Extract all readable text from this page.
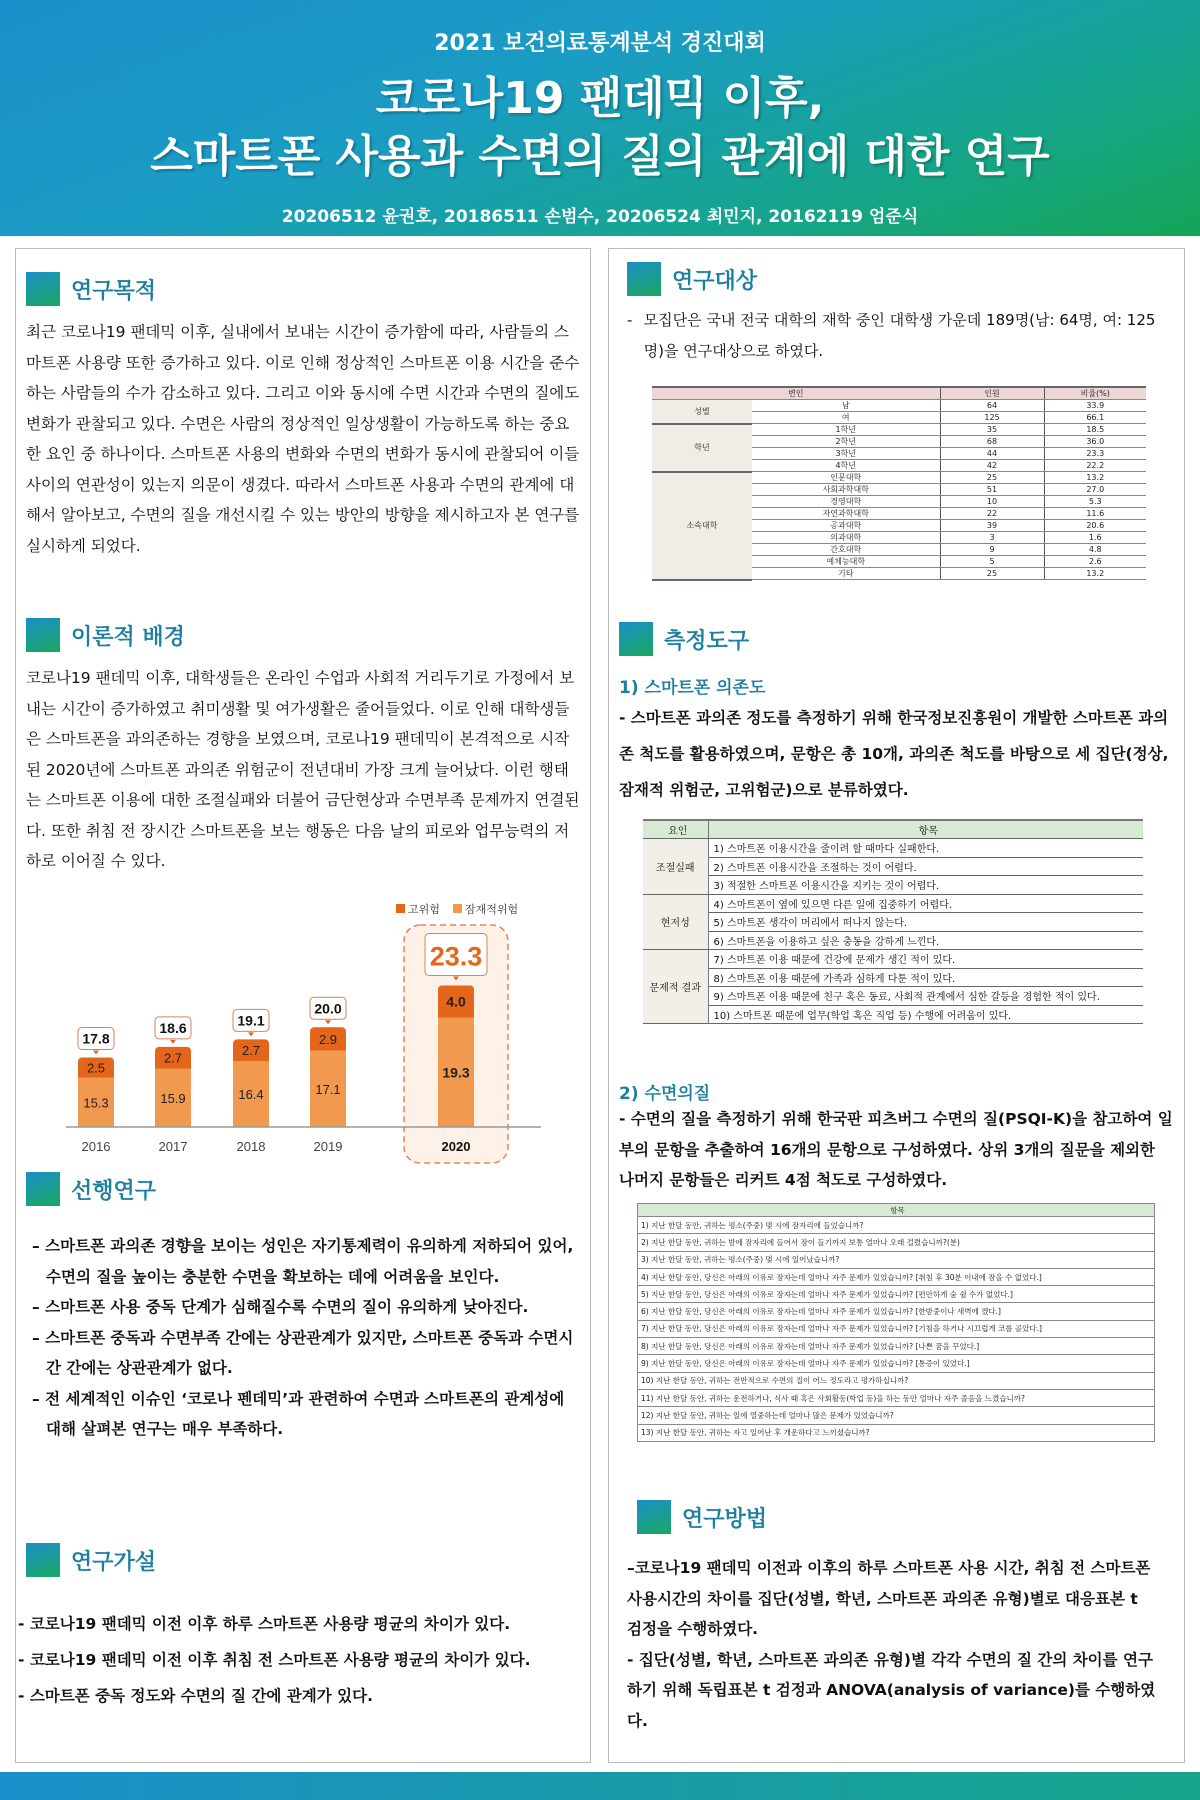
2021 보건의료통계분석 경진대회
코로나19 팬데믹 이후,
스마트폰 사용과 수면의 질의 관계에 대한 연구
20206512 윤권호, 20186511 손범수, 20206524 최민지, 20162119 엄준식
연구목적

최근 코로나19 팬데믹 이후, 실내에서 보내는 시간이 증가함에 따라, 사람들의 스마트폰 사용량 또한 증가하고 있다. 이로 인해 정상적인 스마트폰 이용 시간을 준수하는 사람들의 수가 감소하고 있다. 그리고 이와 동시에 수면 시간과 수면의 질에도 변화가 관찰되고 있다. 수면은 사람의 정상적인 일상생활이 가능하도록 하는 중요한 요인 중 하나이다. 스마트폰 사용의 변화와 수면의 변화가 동시에 관찰되어 이들 사이의 연관성이 있는지 의문이 생겼다. 따라서 스마트폰 사용과 수면의 관계에 대해서 알아보고, 수면의 질을 개선시킬 수 있는 방안의 방향을 제시하고자 본 연구를 실시하게 되었다.

이론적 배경

코로나19 팬데믹 이후, 대학생들은 온라인 수업과 사회적 거리두기로 가정에서 보내는 시간이 증가하였고 취미생활 및 여가생활은 줄어들었다. 이로 인해 대학생들은 스마트폰을 과의존하는 경향을 보였으며, 코로나19 팬데믹이 본격적으로 시작된 2020년에 스마트폰 과의존 위험군이 전년대비 가장 크게 늘어났다. 이런 행태는 스마트폰 이용에 대한 조절실패와 더불어 금단현상과 수면부족 문제까지 연결된다. 또한 취침 전 장시간 스마트폰을 보는 행동은 다음 날의 피로와 업무능력의 저하로 이어질 수 있다.

고위험 잠재적위험
2.5
15.3
17.8
2016
2.7
15.9
18.6
2017
2.7
16.4
19.1
2018
2.9
17.1
20.0
2019
4.0
19.3
23.3
2020
선행연구
– 스마트폰 과의존 경향을 보이는 성인은 자기통제력이 유의하게 저하되어 있어, 수면의 질을 높이는 충분한 수면을 확보하는 데에 어려움을 보인다.
– 스마트폰 사용 중독 단계가 심해질수록 수면의 질이 유의하게 낮아진다.
– 스마트폰 중독과 수면부족 간에는 상관관계가 있지만, 스마트폰 중독과 수면시간 간에는 상관관계가 없다.
– 전 세계적인 이슈인 ‘코로나 펜데믹’과 관련하여 수면과 스마트폰의 관계성에 대해 살펴본 연구는 매우 부족하다.
연구가설
- 코로나19 팬데믹 이전 이후 하루 스마트폰 사용량 평균의 차이가 있다.
- 코로나19 팬데믹 이전 이후 취침 전 스마트폰 사용량 평균의 차이가 있다.
- 스마트폰 중독 정도와 수면의 질 간에 관계가 있다.
연구대상
- 모집단은 국내 전국 대학의 재학 중인 대학생 가운데 189명(남: 64명, 여: 125명)을 연구대상으로 하였다.

변인		인원	비율(%)
성별	남	64	33.9
	여	125	66.1
학년	1학년	35	18.5
	2학년	68	36.0
	3학년	44	23.3
	4학년	42	22.2
소속대학	인문대학	25	13.2
	사회과학대학	51	27.0
	경영대학	10	5.3
	자연과학대학	22	11.6
	공과대학	39	20.6
	의과대학	3	1.6
	간호대학	9	4.8
	예체능대학	5	2.6
	기타	25	13.2
측정도구
1) 스마트폰 의존도

- 스마트폰 과의존 정도를 측정하기 위해 한국정보진흥원이 개발한 스마트폰 과의존 척도를 활용하였으며, 문항은 총 10개, 과의존 척도를 바탕으로 세 집단(정상, 잠재적 위험군, 고위험군)으로 분류하였다.

요인	항목
조절실패	1) 스마트폰 이용시간을 줄이려 할 때마다 실패한다.
	2) 스마트폰 이용시간을 조절하는 것이 어렵다.
	3) 적절한 스마트폰 이용시간을 지키는 것이 어렵다.
현저성	4) 스마트폰이 옆에 있으면 다른 일에 집중하기 어렵다.
	5) 스마트폰 생각이 머리에서 떠나지 않는다.
	6) 스마트폰을 이용하고 싶은 충동을 강하게 느낀다.
문제적 결과	7) 스마트폰 이용 때문에 건강에 문제가 생긴 적이 있다.
	8) 스마트폰 이용 때문에 가족과 심하게 다툰 적이 있다.
	9) 스마트폰 이용 때문에 친구 혹은 동료, 사회적 관계에서 심한 갈등을 경험한 적이 있다.
	10) 스마트폰 때문에 업무(학업 혹은 직업 등) 수행에 어려움이 있다.
2) 수면의질

- 수면의 질을 측정하기 위해 한국판 피츠버그 수면의 질(PSQI-K)을 참고하여 일부의 문항을 추출하여 16개의 문항으로 구성하였다. 상위 3개의 질문을 제외한 나머지 문항들은 리커트 4점 척도로 구성하였다.

항목
1) 지난 한달 동안, 귀하는 평소(주중) 몇 시에 잠자리에 들었습니까?
2) 지난 한달 동안, 귀하는 밤에 잠자리에 들어서 잠이 들기까지 보통 얼마나 오래 걸렸습니까?(분)
3) 지난 한달 동안, 귀하는 평소(주중) 몇 시에 일어났습니까?
4) 지난 한달 동안, 당신은 아래의 이유로 잠자는데 얼마나 자주 문제가 있었습니까? [취침 후 30분 이내에 잠을 수 없었다.]
5) 지난 한달 동안, 당신은 아래의 이유로 잠자는데 얼마나 자주 문제가 있었습니까? [편안하게 숨 쉴 수가 없었다.]
6) 지난 한달 동안, 당신은 아래의 이유로 잠자는데 얼마나 자주 문제가 있었습니까? [한밤중이나 새벽에 깼다.]
7) 지난 한달 동안, 당신은 아래의 이유로 잠자는데 얼마나 자주 문제가 있었습니까? [기침을 하거나 시끄럽게 코를 골았다.]
8) 지난 한달 동안, 당신은 아래의 이유로 잠자는데 얼마나 자주 문제가 있었습니까? [나쁜 꿈을 꾸었다.]
9) 지난 한달 동안, 당신은 아래의 이유로 잠자는데 얼마나 자주 문제가 있었습니까? [통증이 있었다.]
10) 지난 한달 동안, 귀하는 전반적으로 수면의 질이 어느 정도라고 평가하십니까?
11) 지난 한달 동안, 귀하는 운전하거나, 식사 때 혹은 사회활동(학업 등)을 하는 동안 얼마나 자주 졸음을 느꼈습니까?
12) 지난 한달 동안, 귀하는 일에 열중하는데 얼마나 많은 문제가 있었습니까?
13) 지난 한달 동안, 귀하는 자고 일어난 후 개운하다고 느끼셨습니까?
연구방법
–코로나19 팬데믹 이전과 이후의 하루 스마트폰 사용 시간, 취침 전 스마트폰 사용시간의 차이를 집단(성별, 학년, 스마트폰 과의존 유형)별로 대응표본 t 검정을 수행하였다.
- 집단(성별, 학년, 스마트폰 과의존 유형)별 각각 수면의 질 간의 차이를 연구하기 위해 독립표본 t 검정과 ANOVA(analysis of variance)를 수행하였다.
